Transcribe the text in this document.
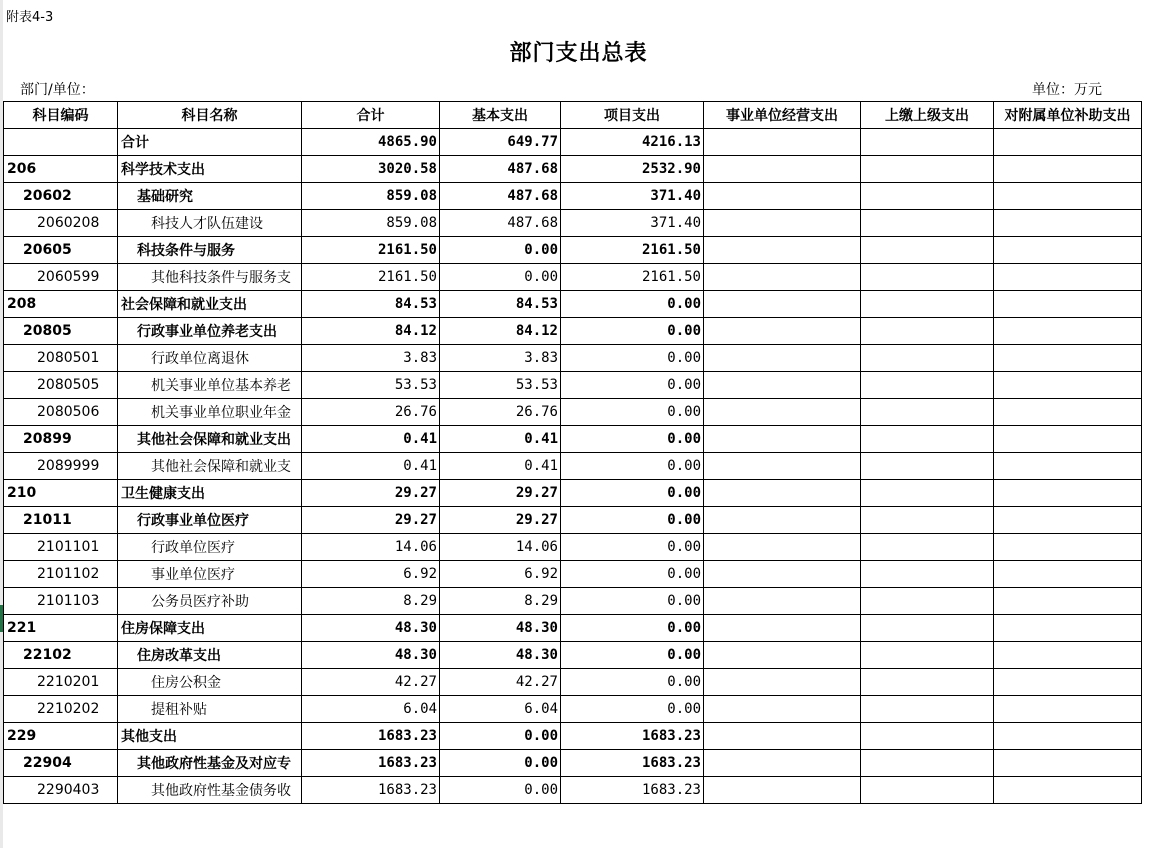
附表4-3
部门支出总表
部门/单位：	单位：万元
科目编码	科目名称	合计	基本支出	项目支出	事业单位经营支出	上缴上级支出	对附属单位补助支出
	合计	4865.90	649.77	4216.13			
206	科学技术支出	3020.58	487.68	2532.90			
20602	基础研究	859.08	487.68	371.40			
2060208	科技人才队伍建设	859.08	487.68	371.40			
20605	科技条件与服务	2161.50	0.00	2161.50			
2060599	其他科技条件与服务支	2161.50	0.00	2161.50			
208	社会保障和就业支出	84.53	84.53	0.00			
20805	行政事业单位养老支出	84.12	84.12	0.00			
2080501	行政单位离退休	3.83	3.83	0.00			
2080505	机关事业单位基本养老	53.53	53.53	0.00			
2080506	机关事业单位职业年金	26.76	26.76	0.00			
20899	其他社会保障和就业支出	0.41	0.41	0.00			
2089999	其他社会保障和就业支	0.41	0.41	0.00			
210	卫生健康支出	29.27	29.27	0.00			
21011	行政事业单位医疗	29.27	29.27	0.00			
2101101	行政单位医疗	14.06	14.06	0.00			
2101102	事业单位医疗	6.92	6.92	0.00			
2101103	公务员医疗补助	8.29	8.29	0.00			
221	住房保障支出	48.30	48.30	0.00			
22102	住房改革支出	48.30	48.30	0.00			
2210201	住房公积金	42.27	42.27	0.00			
2210202	提租补贴	6.04	6.04	0.00			
229	其他支出	1683.23	0.00	1683.23			
22904	其他政府性基金及对应专	1683.23	0.00	1683.23			
2290403	其他政府性基金债务收	1683.23	0.00	1683.23			
